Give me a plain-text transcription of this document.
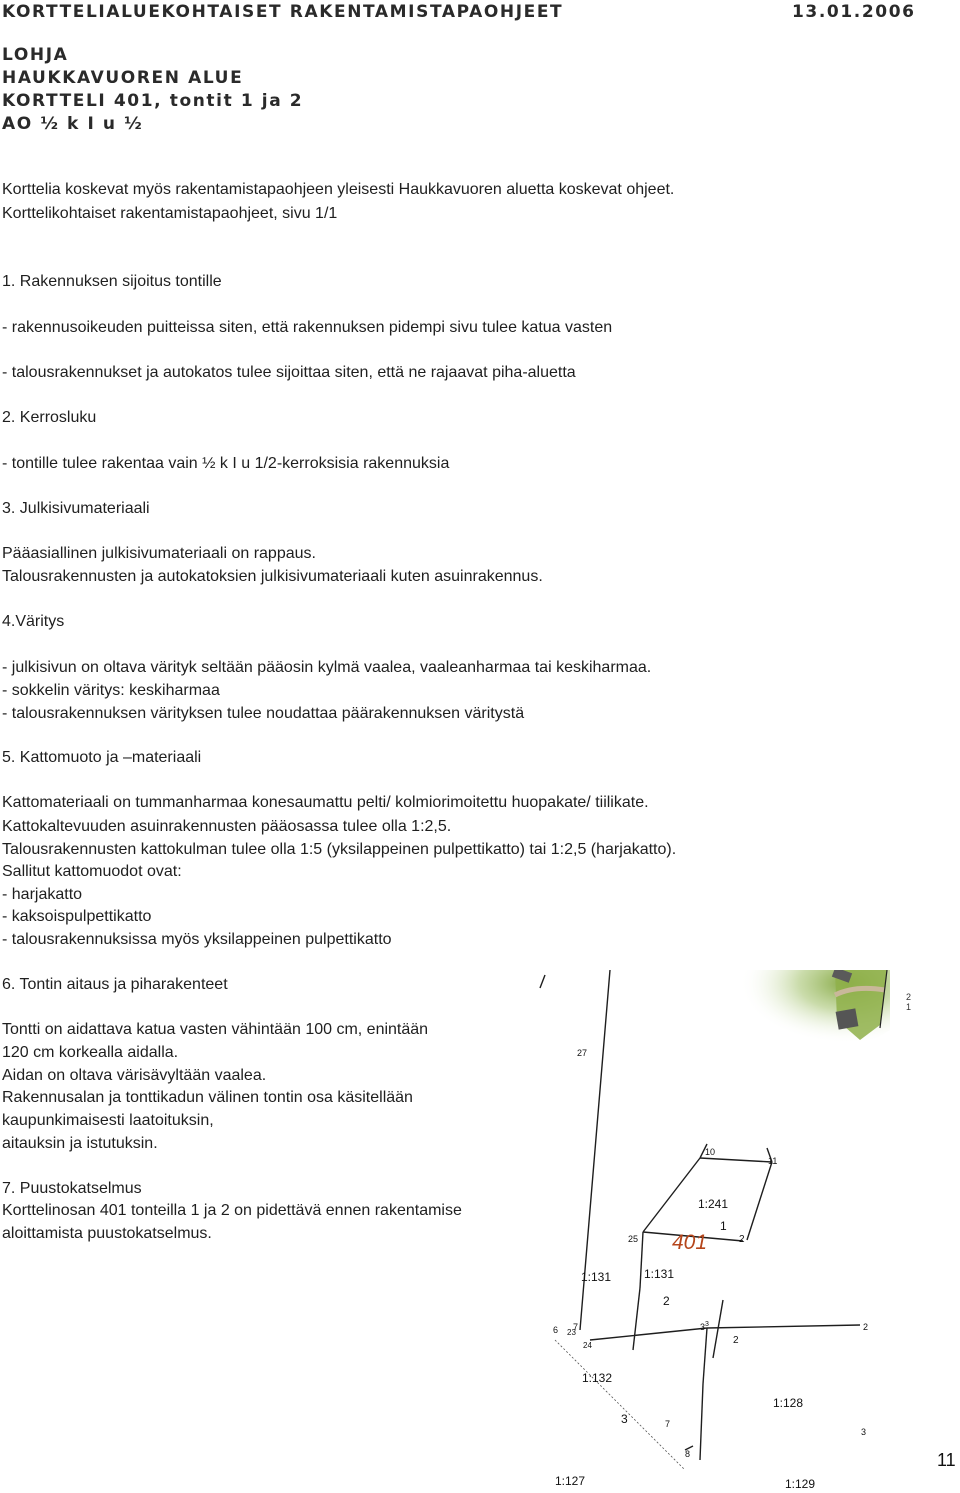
KORTTELIALUEKOHTAISET RAKENTAMISTAPAOHJEET	13.01.2006
LOHJA
HAUKKAVUOREN ALUE
KORTTELI 401, tontit 1 ja 2
AO ½ k I u ½
Korttelia koskevat myös rakentamistapaohjeen yleisesti Haukkavuoren aluetta koskevat ohjeet.
Korttelikohtaiset rakentamistapaohjeet, sivu 1/1
1. Rakennuksen sijoitus tontille
- rakennusoikeuden puitteissa siten, että rakennuksen pidempi sivu tulee katua vasten
- talousrakennukset ja autokatos tulee sijoittaa siten, että ne rajaavat piha-aluetta
2. Kerrosluku
- tontille tulee rakentaa vain ½ k I u 1/2-kerroksisia rakennuksia
3. Julkisivumateriaali
Pääasiallinen julkisivumateriaali on rappaus.
Talousrakennusten ja autokatoksien julkisivumateriaali kuten asuinrakennus.
4.Väritys
- julkisivun on oltava värityk seltään pääosin kylmä vaalea, vaaleanharmaa tai keskiharmaa.
- sokkelin väritys: keskiharmaa
- talousrakennuksen värityksen tulee noudattaa päärakennuksen väritystä
5. Kattomuoto ja –materiaali
Kattomateriaali on tummanharmaa konesaumattu pelti/ kolmiorimoitettu huopakate/ tiilikate.
Kattokaltevuuden asuinrakennusten pääosassa tulee olla 1:2,5.
Talousrakennusten kattokulman tulee olla 1:5 (yksilappeinen pulpettikatto) tai 1:2,5 (harjakatto).
Sallitut kattomuodot ovat:
- harjakatto
- kaksoispulpettikatto
- talousrakennuksissa myös yksilappeinen pulpettikatto
6. Tontin aitaus ja piharakenteet
Tontti on aidattava katua vasten vähintään 100 cm, enintään
120 cm korkealla aidalla.
Aidan on oltava värisävyltään vaalea.
Rakennusalan ja tonttikadun välinen tontin osa käsitellään
kaupunkimaisesti laatoituksin,
aitauksin ja istutuksin.
7. Puustokatselmus
Korttelinosan 401 tonteilla 1 ja 2 on pidettävä ennen rakentamise
aloittamista puustokatselmus.
27
10
11
1:241
1
25	2
1:131	1:131
2
3 3
6 7
23
24	2
2
1:132
1:128
3	7
3
8
1:127	1:129
401
2
1
11
